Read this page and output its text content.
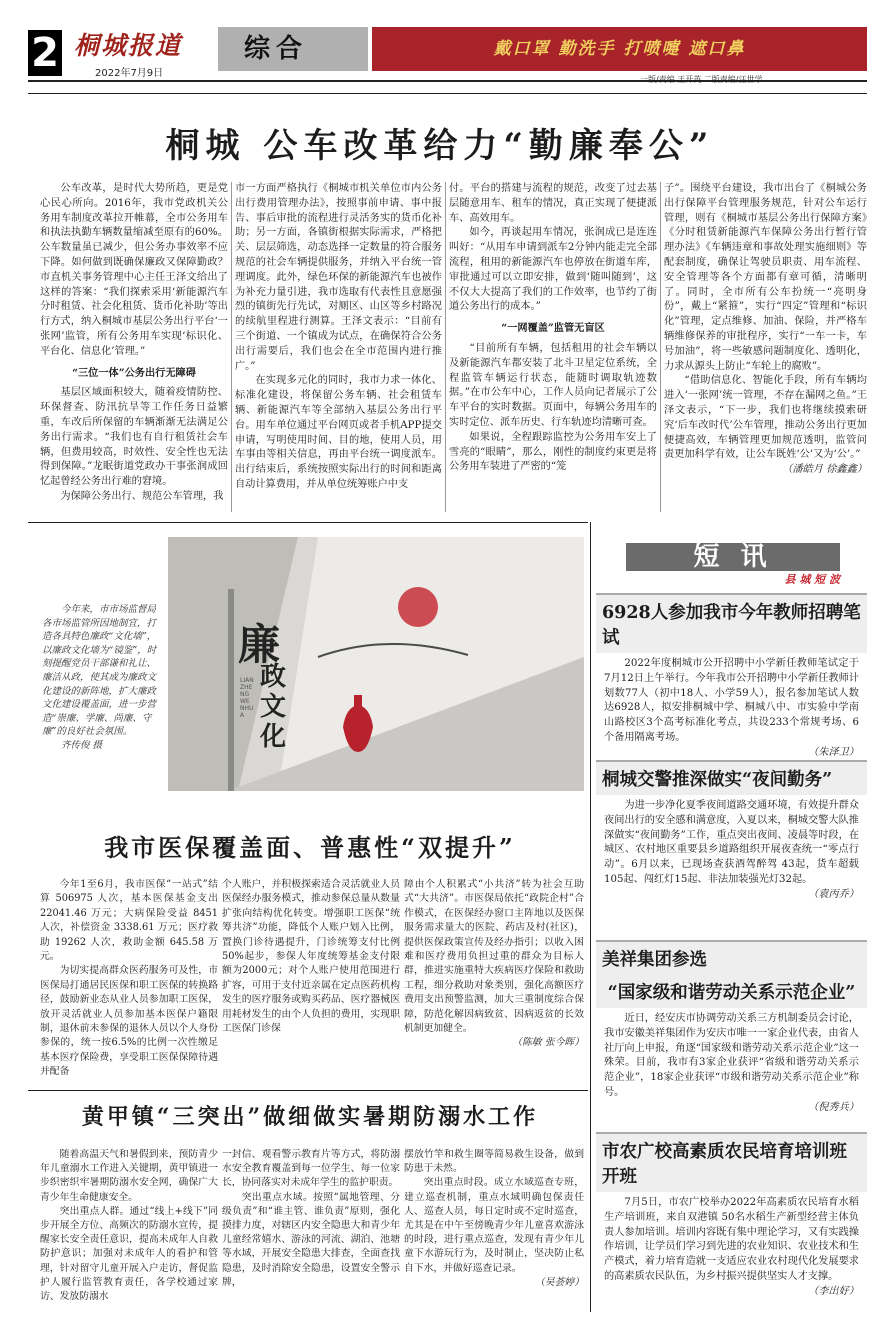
2 桐城报道
2022年7月9日
综合	戴口罩 勤洗手 打喷嚏 遮口鼻
一版/责编 王开英 二版责编/汪世学
桐城 公车改革给力“勤廉奉公”

公车改革，是时代大势所趋，更是党心民心所向。2016年，我市党政机关公务用车制度改革拉开帷幕，全市公务用车和执法执勤车辆数量缩减至原有的60%。公车数量虽已减少，但公务办事效率不应下降。如何做到既确保廉政又保障勤政？市直机关事务管理中心主任王泽文给出了这样的答案：“我们探索采用‘新能源汽车分时租赁、社会化租赁、货币化补助’等出行方式，纳入桐城市基层公务出行平台‘一张网’监管，所有公务用车实现‘标识化、平台化、信息化’管理。”

“三位一体”公务出行无障碍

基层区域面积较大，随着疫情防控、环保督查、防汛抗旱等工作任务日益繁重，车改后所保留的车辆渐渐无法满足公务出行需求。“我们也有自行租赁社会车辆，但费用较高，时效性、安全性也无法得到保障。”龙眠街道党政办干事张润成回忆起曾经公务出行难的窘境。

为保障公务出行、规范公车管理，我

市一方面严格执行《桐城市机关单位市内公务出行费用管理办法》，按照事前申请、事中报告、事后审批的流程进行灵活务实的货币化补助；另一方面，各镇街根据实际需求，严格把关、层层筛选，动态选择一定数量的符合服务规范的社会车辆提供服务，并纳入平台统一管理调度。此外，绿色环保的新能源汽车也被作为补充力量引进，我市选取有代表性且意愿强烈的镇街先行先试，对厕区、山区等乡村路况的续航里程进行测算。王泽文表示：“目前有三个街道、一个镇成为试点，在确保符合公务出行需要后，我们也会在全市范围内进行推广。”

在实现多元化的同时，我市力求一体化、标准化建设，将保留公务车辆、社会租赁车辆、新能源汽车等全部纳入基层公务出行平台。用车单位通过平台网页或者手机APP提交申请，写明使用时间、目的地，使用人员，用车事由等相关信息，再由平台统一调度派车。出行结束后，系统按照实际出行的时间和距离自动计算费用，并从单位统筹账户中支

付。平台的搭建与流程的规范，改变了过去基层随意用车、租车的情况，真正实现了便捷派车、高效用车。

如今，再谈起用车情况，张润成已是连连叫好：“从用车申请到派车2分钟内能走完全部流程，租用的新能源汽车也停放在街道车库，审批通过可以立即安排，做到‘随叫随到’，这不仅大大提高了我们的工作效率，也节约了街道公务出行的成本。”

“一网覆盖”监管无盲区

“目前所有车辆，包括租用的社会车辆以及新能源汽车都安装了北斗卫星定位系统，全程监管车辆运行状态，能随时调取轨迹数据。”在市公车中心，工作人员向记者展示了公车平台的实时数据。页面中，每辆公务用车的实时定位、派车历史、行车轨迹均清晰可查。

如果说，全程跟踪监控为公务用车安上了雪亮的“眼睛”，那么，刚性的制度约束更是将公务用车装进了严密的“笼

子”。围绕平台建设，我市出台了《桐城公务出行保障平台管理服务规范，针对公车运行管理，则有《桐城市基层公务出行保障方案》《分时租赁新能源汽车保障公务出行暂行管理办法》《车辆违章和事故处理实施细则》等配套制度，确保让驾驶员职责、用车流程、安全管理等各个方面都有章可循，清晰明了。同时，全市所有公车扮统一“亮明身份”，戴上“紧箍”，实行“四定”管理和“标识化”管理，定点维修、加油、保险，并严格车辆维修保养的审批程序，实行“一车一卡，车号加油”，将一些敏感问题制度化、透明化，力求从源头上防止“车轮上的腐败”。

“借助信息化、智能化手段，所有车辆均进入‘一张网’统一管理，不存在漏网之鱼。”王泽文表示，“下一步，我们也将继续摸索研究‘后车改时代’公车管理，推动公务出行更加便捷高效，车辆管理更加规范透明，监管问责更加科学有效，让公车既姓‘公’又为‘公’。”

（潘皓月 徐鑫鑫）
今年来，市市场监督局各市场监管所因地制宜，打造各具特色廉政“文化墙”，以廉政文化墙为“镜鉴”，时刻提醒党员干部谦和礼让、廉洁从政，使其成为廉政文化建设的新阵地，扩大廉政文化建设覆盖面，进一步营造“崇廉、学廉、尚廉、守廉”的良好社会氛围。
齐传俊 摄
廉
政文化
LIANZHENGWENHUA
我市医保覆盖面、普惠性“双提升”

今年1至6月，我市医保“一站式”结算 506975 人次，基本医保基金支出 22041.46 万元；大病保险受益 8451 人次，补偿资金 3338.61 万元；医疗救助 19262 人次，救助金额 645.58 万元。

为切实提高群众医药服务可及性，市医保局打通居民医保和职工医保的转换路径，鼓励新业态从业人员参加职工医保，放开灵活就业人员参加基本医保户籍限制，退休前未参保的退休人员以个人身份参保的，统一按6.5%的比例一次性缴足基本医疗保险费，享受职工医保保障待遇并配备

个人账户，并积极探索适合灵活就业人员医保经办服务模式，推动参保总量从数量扩张向结构优化转变。增强职工医保“统筹共济”功能，降低个人账户划入比例，置换门诊待遇提升，门诊统筹支付比例50%起步，参保人年度统筹基金支付限额为2000元；对个人账户使用范围进行扩容，可用于支付近亲属在定点医药机构发生的医疗服务或购买药品、医疗器械医用耗材发生的由个人负担的费用，实现职工医保门诊保

障由个人积累式“小共济”转为社会互助式“大共济”。市医保局依托“政院企村”合作模式，在医保经办窗口主阵地以及医保服务需求量大的医院、药店及村(社区)，提供医保政策宣传及经办指引；以收入困难和医疗费用负担过重的群众为目标人群，推进实施重特大疾病医疗保险和救助工程，细分救助对象类别，强化高额医疗费用支出预警监测，加大三重制度综合保障，防范化解因病致贫、因病返贫的长效机制更加健全。

（陈敏 张今晖）
黄甲镇“三突出”做细做实暑期防溺水工作

随着高温天气和暑假到来，预防青少年儿童溺水工作进入关键期，黄甲镇进一步织密织牢暑期防溺水安全网，确保广大青少年生命健康安全。

突出重点人群。通过“线上+线下”同步开展全方位、高频次的防溺水宣传，提醒家长安全责任意识，提高未成年人自救防护意识；加强对未成年人的看护和管理，针对留守儿童开展入户走访，督促监护人履行监管教育责任，各学校通过家访、发放防溺水

一封信、观看警示教育片等方式，将防溺水安全教育覆盖到每一位学生、每一位家长，协同落实对未成年学生的监护职责。

突出重点水域。按照“属地管理、分级负责”和“谁主管、谁负责”原则，强化摸排力度，对辖区内安全隐患大和青少年儿童经常嬉水、游泳的河流、湖泊、池塘等水域，开展安全隐患大排查，全面查找隐患，及时消除安全隐患，设置安全警示牌，

摆放竹竿和救生圈等简易救生设备，做到防患于未然。

突出重点时段。成立水域巡查专班，建立巡查机制，重点水域明确包保责任人、巡查人员，每日定时或不定时巡查，尤其是在中午至傍晚青少年儿童喜欢游泳的时段，进行重点巡查，发现有青少年儿童下水游玩行为，及时制止，坚决防止私自下水，并做好巡查记录。

（吴荟婷）
短 讯
县 城 短 波
6928人参加我市今年教师招聘笔试

2022年度桐城市公开招聘中小学新任教师笔试定于7月12日上午举行。今年我市公开招聘中小学新任教师计划数77人（初中18人、小学59人），报名参加笔试人数达6928人，拟安排桐城中学、桐城八中、市实验中学南山路校区3个高考标准化考点，共设233个常规考场、6个备用隔离考场。

（朱泽卫）
桐城交警推深做实“夜间勤务”

为进一步净化夏季夜间道路交通环境，有效提升群众夜间出行的安全感和满意度，入夏以来，桐城交警大队推深做实“夜间勤务”工作，重点突出夜间、凌晨等时段，在城区、农村地区重要县乡道路组织开展夜查统一“零点行动”。6月以来，已现场查获酒驾醉驾 43起，货车超载105起、闯红灯15起、非法加装强光灯32起。

（袁丙乔）
美祥集团参选
“国家级和谐劳动关系示范企业”

近日，经安庆市协调劳动关系三方机制委员会讨论，我市安徽美祥集团作为安庆市唯一一家企业代表，由省人社厅向上申报，角逐“国家级和谐劳动关系示范企业”这一殊荣。目前，我市有3家企业获评“省级和谐劳动关系示范企业”，18家企业获评“市级和谐劳动关系示范企业”称号。

（倪秀兵）
市农广校高素质农民培育培训班开班

7月5日，市农广校举办2022年高素质农民培育水稻生产培训班，来自双港镇 50名水稻生产新型经营主体负责人参加培训。培训内容既有集中理论学习，又有实践操作培训，让学员们学习到先进的农业知识、农业技术和生产模式，着力培育造就一支适应农业农村现代化发展要求的高素质农民队伍，为乡村振兴提供坚实人才支撑。

（李出好）
